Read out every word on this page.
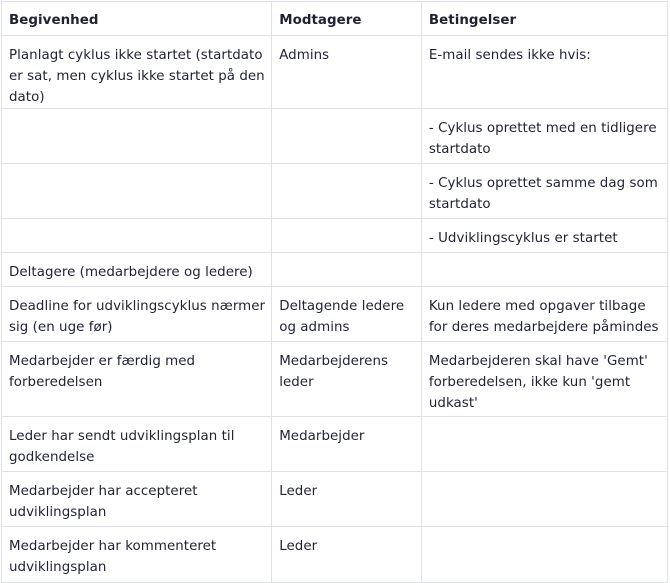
Begivenhed	Modtagere	Betingelser
Planlagt cyklus ikke startet (startdato er sat, men cyklus ikke startet på den dato)	Admins	E-mail sendes ikke hvis:
		- Cyklus oprettet med en tidligere startdato
		- Cyklus oprettet samme dag som startdato
		- Udviklingscyklus er startet
Deltagere (medarbejdere og ledere)		
Deadline for udviklingscyklus nærmer sig (en uge før)	Deltagende ledere og admins	Kun ledere med opgaver tilbage for deres medarbejdere påmindes
Medarbejder er færdig med forberedelsen	Medarbejderens leder	Medarbejderen skal have 'Gemt' forberedelsen, ikke kun 'gemt udkast'
Leder har sendt udviklingsplan til godkendelse	Medarbejder	
Medarbejder har accepteret udviklingsplan	Leder	
Medarbejder har kommenteret udviklingsplan	Leder	
